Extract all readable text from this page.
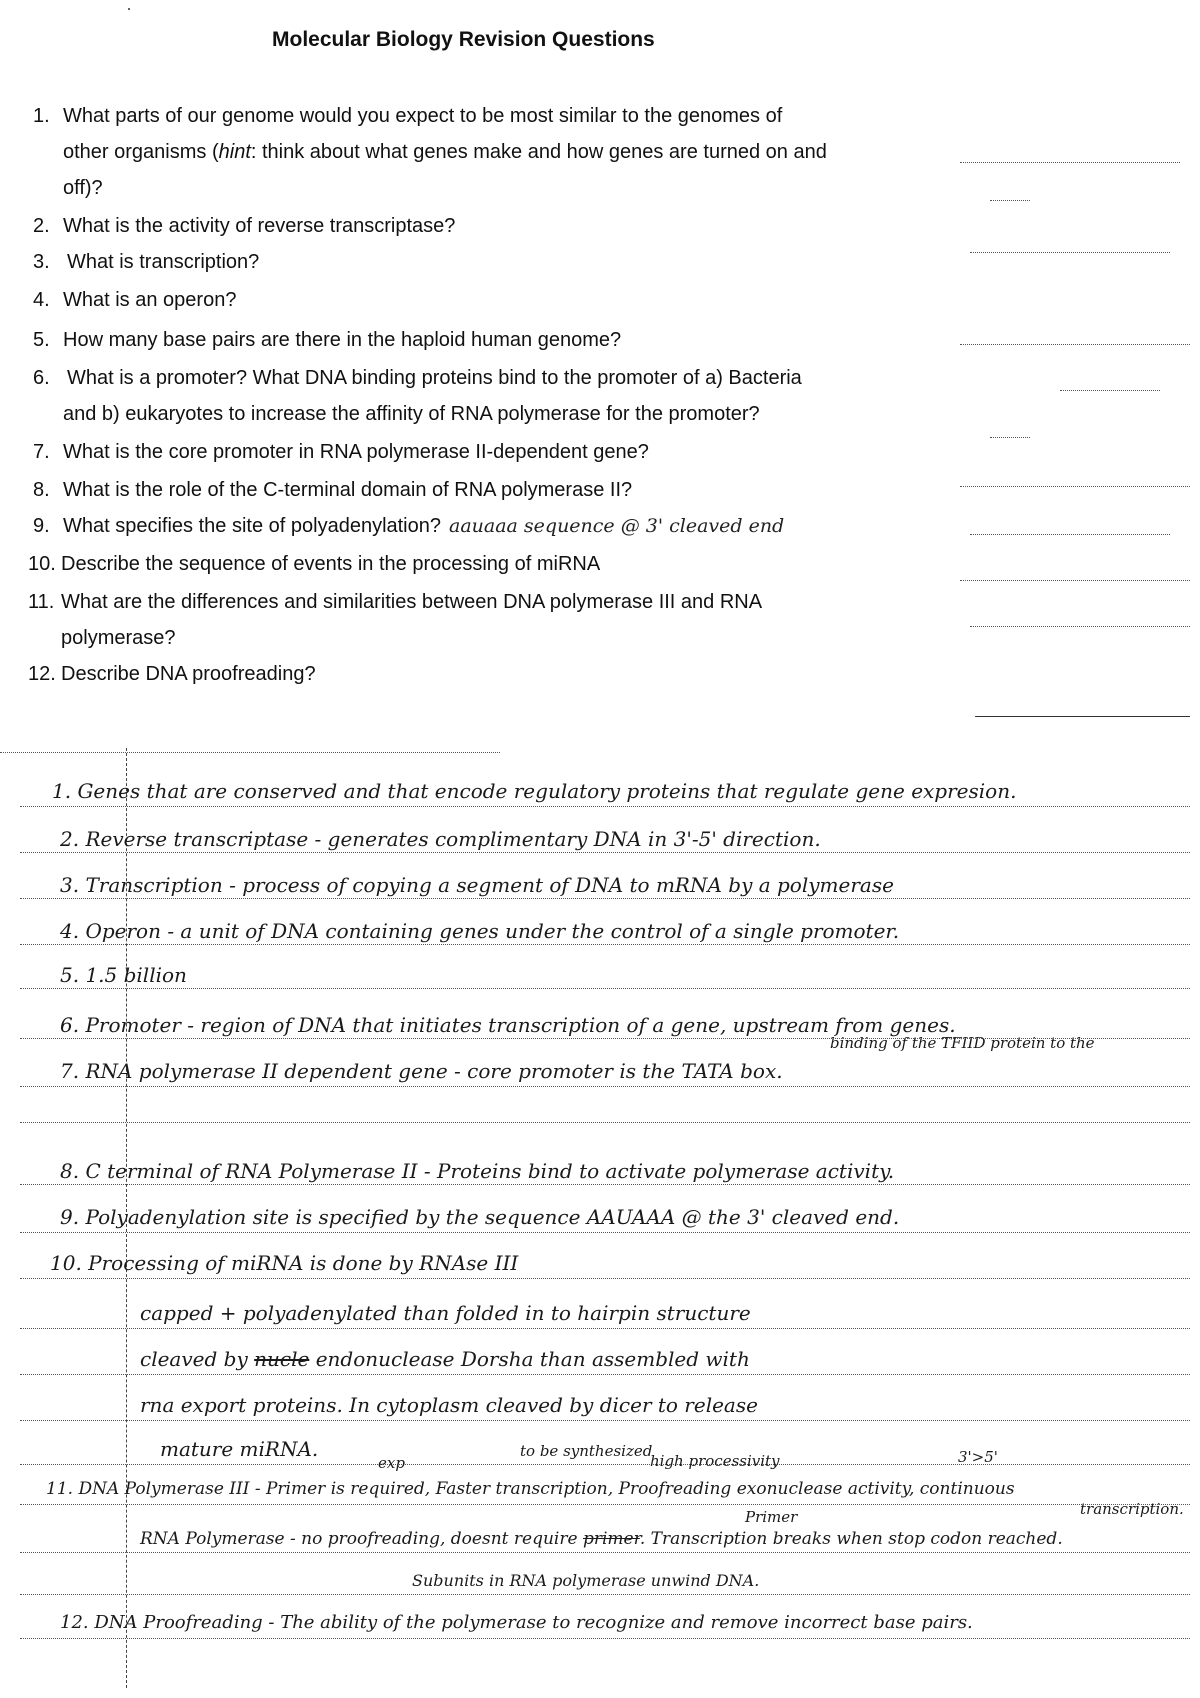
Molecular Biology Revision Questions
1. What parts of our genome would you expect to be most similar to the genomes of
other organisms (hint: think about what genes make and how genes are turned on and
off)?
2. What is the activity of reverse transcriptase?
3. What is transcription?
4. What is an operon?
5. How many base pairs are there in the haploid human genome?
6. What is a promoter? What DNA binding proteins bind to the promoter of a) Bacteria
and b) eukaryotes to increase the affinity of RNA polymerase for the promoter?
7. What is the core promoter in RNA polymerase II-dependent gene?
8. What is the role of the C-terminal domain of RNA polymerase II?
9. What specifies the site of polyadenylation? aauaaa sequence @ 3' cleaved end
10. Describe the sequence of events in the processing of miRNA
11. What are the differences and similarities between DNA polymerase III and RNA
polymerase?
12. Describe DNA proofreading?
1. Genes that are conserved and that encode regulatory proteins that regulate gene expresion.
2. Reverse transcriptase - generates complimentary DNA in 3'-5' direction.
3. Transcription - process of copying a segment of DNA to mRNA by a polymerase
4. Operon - a unit of DNA containing genes under the control of a single promoter.
5. 1.5 billion
6. Promoter - region of DNA that initiates transcription of a gene, upstream from genes.
binding of the TFIID protein to the
7. RNA polymerase II dependent gene - core promoter is the TATA box.
8. C terminal of RNA Polymerase II - Proteins bind to activate polymerase activity.
9. Polyadenylation site is specified by the sequence AAUAAA @ the 3' cleaved end.
10. Processing of miRNA is done by RNAse III
capped + polyadenylated than folded in to hairpin structure
cleaved by nucle endonuclease Dorsha than assembled with
rna export proteins. In cytoplasm cleaved by dicer to release
mature miRNA.
exp
to be synthesized
high processivity	3'>5'
11. DNA Polymerase III - Primer is required, Faster transcription, Proofreading exonuclease activity, continuous
transcription.
Primer
RNA Polymerase - no proofreading, doesnt require primer. Transcription breaks when stop codon reached.
Subunits in RNA polymerase unwind DNA.
12. DNA Proofreading - The ability of the polymerase to recognize and remove incorrect base pairs.
